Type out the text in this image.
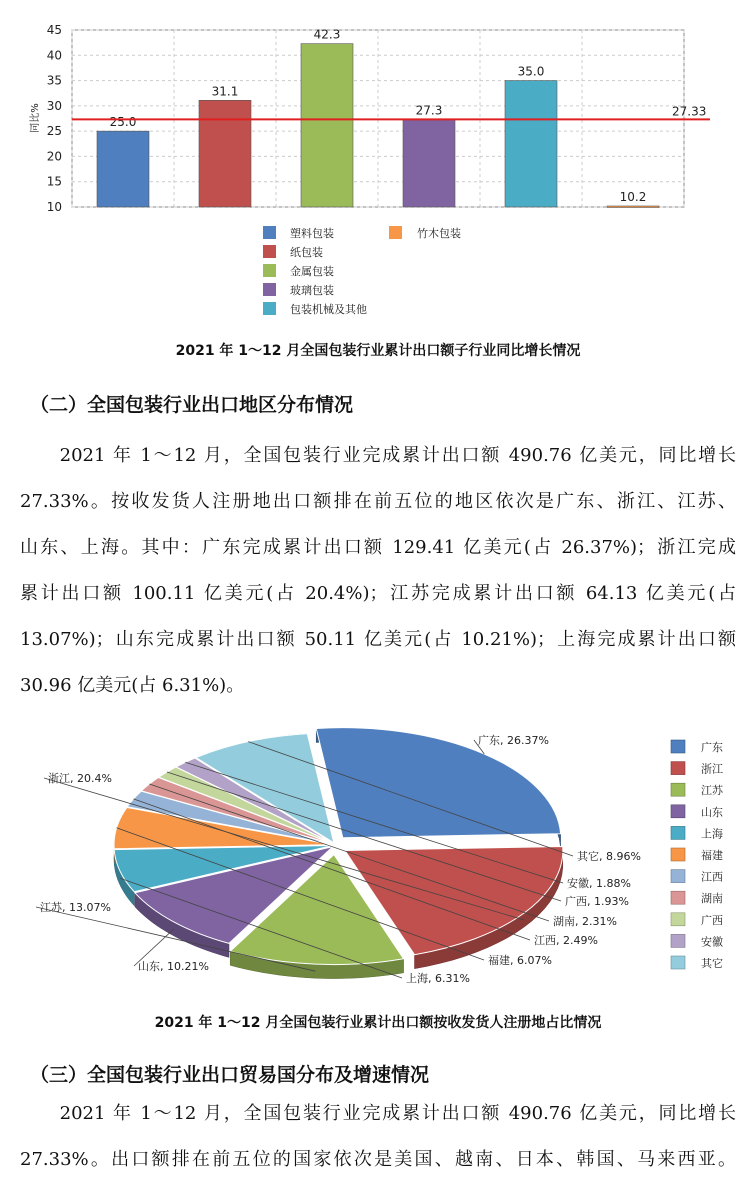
10
15
20
25
30
35
40
45
同比%	25.0
31.1
42.3
27.3
35.0
10.2
27.33
塑料包装
纸包装
金属包装
玻璃包装
包装机械及其他
竹木包装
2021 年 1～12 月全国包装行业累计出口额子行业同比增长情况
（二）全国包装行业出口地区分布情况
　　2021 年 1～12 月，全国包装行业完成累计出口额 490.76 亿美元，同比增长
27.33%。按收发货人注册地出口额排在前五位的地区依次是广东、浙江、江苏、
山东、上海。其中：广东完成累计出口额 129.41 亿美元(占 26.37%)；浙江完成
累计出口额 100.11 亿美元(占 20.4%)；江苏完成累计出口额 64.13 亿美元(占
13.07%)；山东完成累计出口额 50.11 亿美元(占 10.21%)；上海完成累计出口额
30.96 亿美元(占 6.31%)。
广东, 26.37%
浙江, 20.4%
江苏, 13.07%
山东, 10.21%
上海, 6.31%
福建, 6.07%
江西, 2.49%
湖南, 2.31%
广西, 1.93%
安徽, 1.88%
其它, 8.96%
广东
浙江
江苏
山东
上海
福建
江西
湖南
广西
安徽
其它
2021 年 1～12 月全国包装行业累计出口额按收发货人注册地占比情况
（三）全国包装行业出口贸易国分布及增速情况
　　2021 年 1～12 月，全国包装行业完成累计出口额 490.76 亿美元，同比增长
27.33%。出口额排在前五位的国家依次是美国、越南、日本、韩国、马来西亚。
